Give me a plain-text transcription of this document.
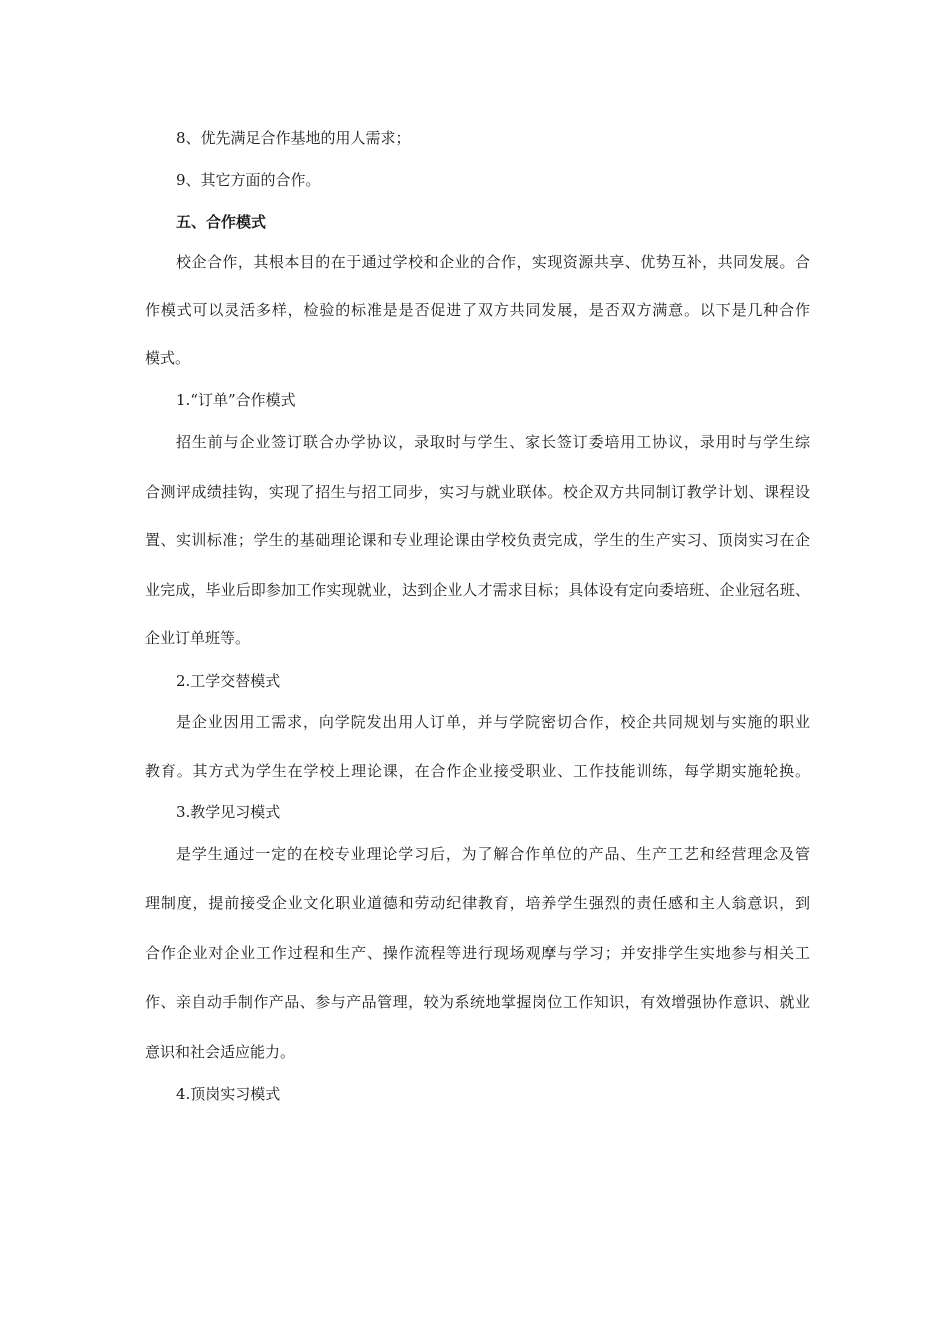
8、优先满足合作基地的用人需求；
9、其它方面的合作。
五、合作模式
校企合作，其根本目的在于通过学校和企业的合作，实现资源共享、优势互补，共同发展。合
作模式可以灵活多样，检验的标准是是否促进了双方共同发展，是否双方满意。以下是几种合作
模式。
1.“订单”合作模式
招生前与企业签订联合办学协议，录取时与学生、家长签订委培用工协议，录用时与学生综
合测评成绩挂钩，实现了招生与招工同步，实习与就业联体。校企双方共同制订教学计划、课程设
置、实训标准；学生的基础理论课和专业理论课由学校负责完成，学生的生产实习、顶岗实习在企
业完成，毕业后即参加工作实现就业，达到企业人才需求目标；具体设有定向委培班、企业冠名班、
企业订单班等。
2.工学交替模式
是企业因用工需求，向学院发出用人订单，并与学院密切合作，校企共同规划与实施的职业
教育。其方式为学生在学校上理论课，在合作企业接受职业、工作技能训练，每学期实施轮换。
3.教学见习模式
是学生通过一定的在校专业理论学习后，为了解合作单位的产品、生产工艺和经营理念及管
理制度，提前接受企业文化职业道德和劳动纪律教育，培养学生强烈的责任感和主人翁意识，到
合作企业对企业工作过程和生产、操作流程等进行现场观摩与学习；并安排学生实地参与相关工
作、亲自动手制作产品、参与产品管理，较为系统地掌握岗位工作知识，有效增强协作意识、就业
意识和社会适应能力。
4.顶岗实习模式
